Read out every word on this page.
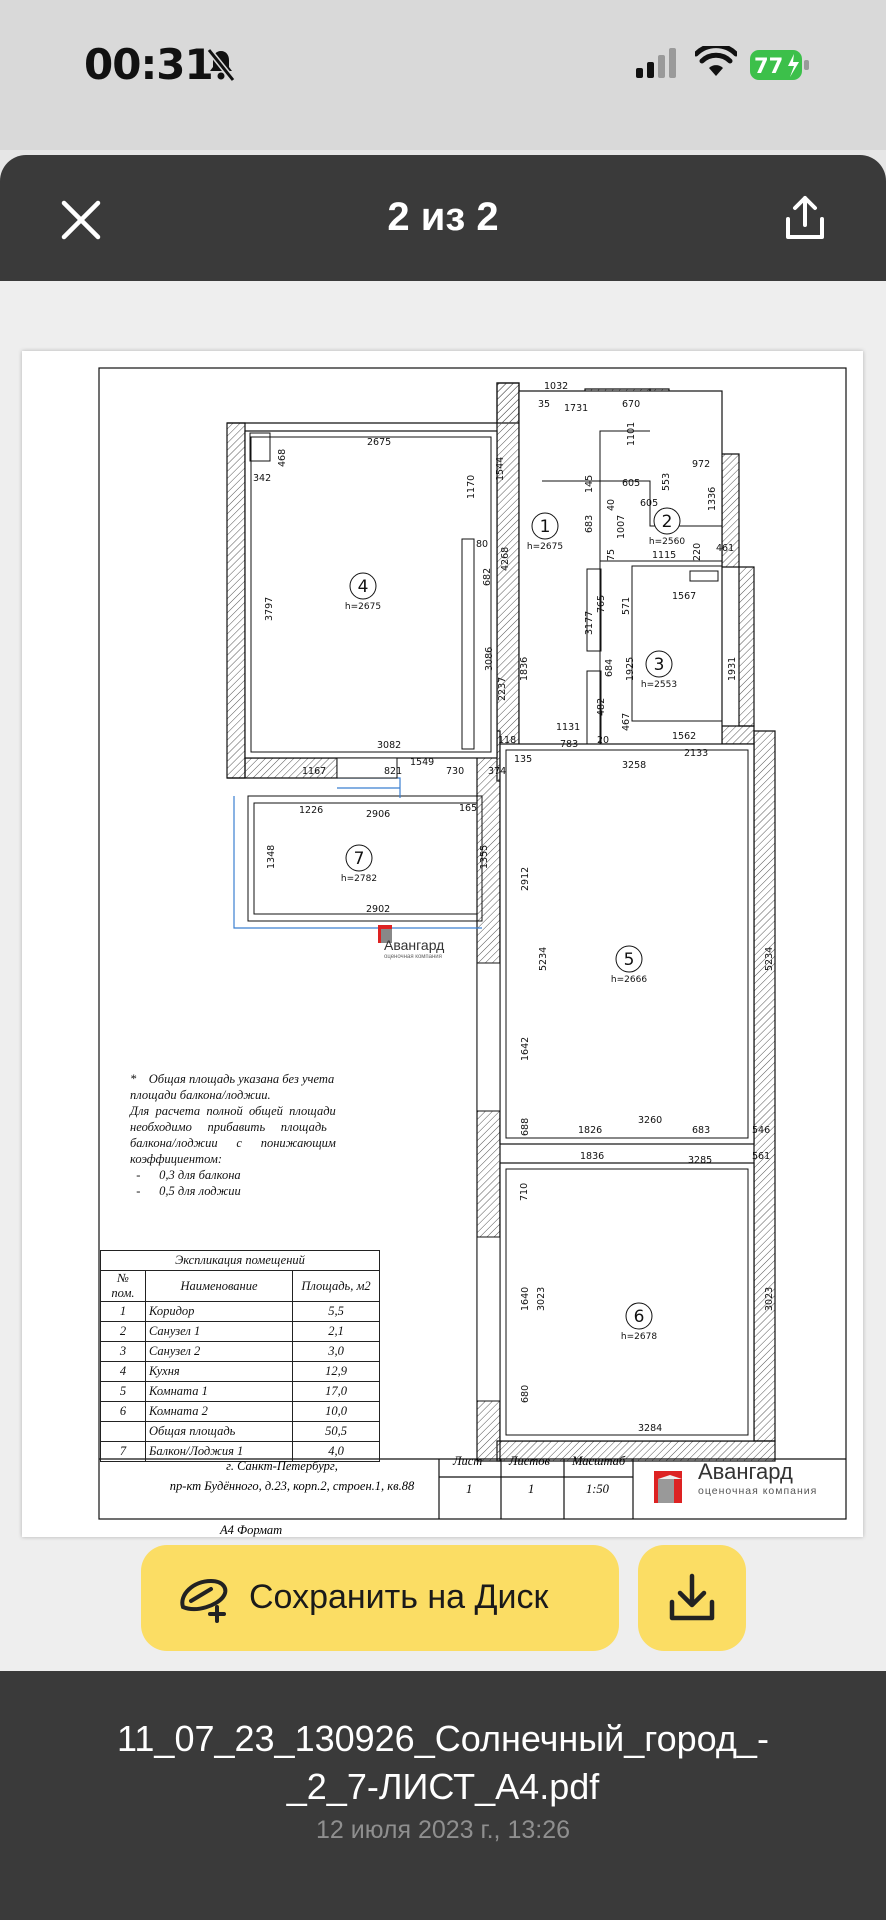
00:31	77
2 из 2
1	2
3
4
5
6
7
h=2675	h=2560
h=2553
h=2675
h=2666
h=2678
h=2782
1032
35 1731	670
1101
972
553
1336
605
605
145
683
40
1007
75	1115 220 461
2675
468
342	1170
1544
4268
80
682
1567
765 571
3177
1925	1931
684
482
467
20	1562
2133
3258
1131
783
118
135
3797
3086
2237
1836
3082
1549
1167	821	730	374
1226	2906
165
1348	1355
2902
2912
5234	5234
1642
688	1826
3260
683	546
1836	3285	561
710
1640 3023	3023
680
3284
Авангард
оценочная компания
*    Общая площадь указана без учета
площади балкона/лоджии.
Для  расчета  полной  общей  площади
необходимо     прибавить     площадь
балкона/лоджии      с      понижающим
коэффициентом:
-      0,3 для балкона
-      0,5 для лоджии
Экспликация помещений		
№ пом.	Наименование	Площадь, м2
1	Коридор	5,5
2	Санузел 1	2,1
3	Санузел 2	3,0
4	Кухня	12,9
5	Комната 1	17,0
6	Комната 2	10,0
	Общая площадь	50,5
7	Балкон/Лоджия 1	4,0
г. Санкт-Петербург,
пр-кт Будённого, д.23, корп.2, строен.1, кв.88
Лист Листов Масштаб
1	1	1:50
А4 Формат
Авангард
оценочная компания
Сохранить на Диск
11_07_23_130926_Солнечный_город_-
_2_7-ЛИСТ_А4.pdf
12 июля 2023 г., 13:26
